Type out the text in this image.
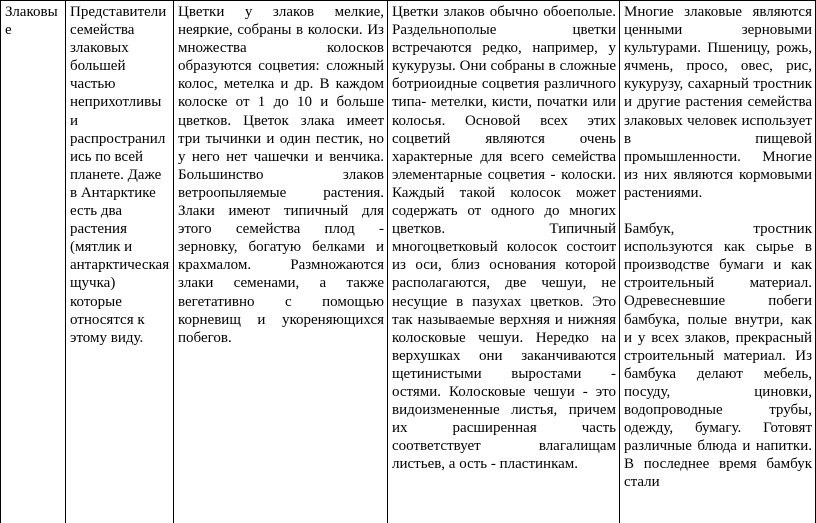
Злаковые	Представители семейства злаковых большей частью неприхотливы и распространились по всей планете. Даже в Антарктике есть два растения (мятлик и антарктическая щучка) которые относятся к этому виду.	Цветки у злаков мелкие, неяркие, собраны в колоски. Из множества колосков образуются соцветия: сложный колос, метелка и др. В каждом колоске от 1 до 10 и больше цветков. Цветок злака имеет три тычинки и один пестик, но у него нет чашечки и венчика. Большинство злаков ветроопыляемые растения. Злаки имеют типичный для этого семейства плод - зерновку, богатую белками и крахмалом. Размножаются злаки семенами, а также вегетативно с помощью корневищ и укореняющихся побегов.	Цветки злаков обычно обоеполые. Раздельнополые цветки встречаются редко, например, у кукурузы. Они собраны в сложные ботриоидные соцветия различного типа- метелки, кисти, початки или колосья. Основой всех этих соцветий являются очень характерные для всего семейства элементарные соцветия - колоски. Каждый такой колосок может содержать от одного до многих цветков. Типичный многоцветковый колосок состоит из оси, близ основания которой располагаются, две чешуи, не несущие в пазухах цветков. Это так называемые верхняя и нижняя колосковые чешуи. Нередко на верхушках они заканчиваются щетинистыми выростами - остями. Колосковые чешуи - это видоизмененные листья, причем их расширенная часть соответствует влагалищам листьев, а ость - пластинкам.	Многие злаковые являются ценными зерновыми культурами. Пшеницу, рожь, ячмень, просо, овес, рис, кукурузу, сахарный тростник и другие растения семейства злаковых человек использует в пищевой промышленности. Многие из них являются кормовыми растениями.
Бамбук, тростник используются как сырье в производстве бумаги и как строительный материал. Одревесневшие побеги бамбука, полые внутри, как и у всех злаков, прекрасный строительный материал. Из бамбука делают мебель, посуду, циновки, водопроводные трубы, одежду, бумагу. Готовят различные блюда и напитки. В последнее время бамбук стали
